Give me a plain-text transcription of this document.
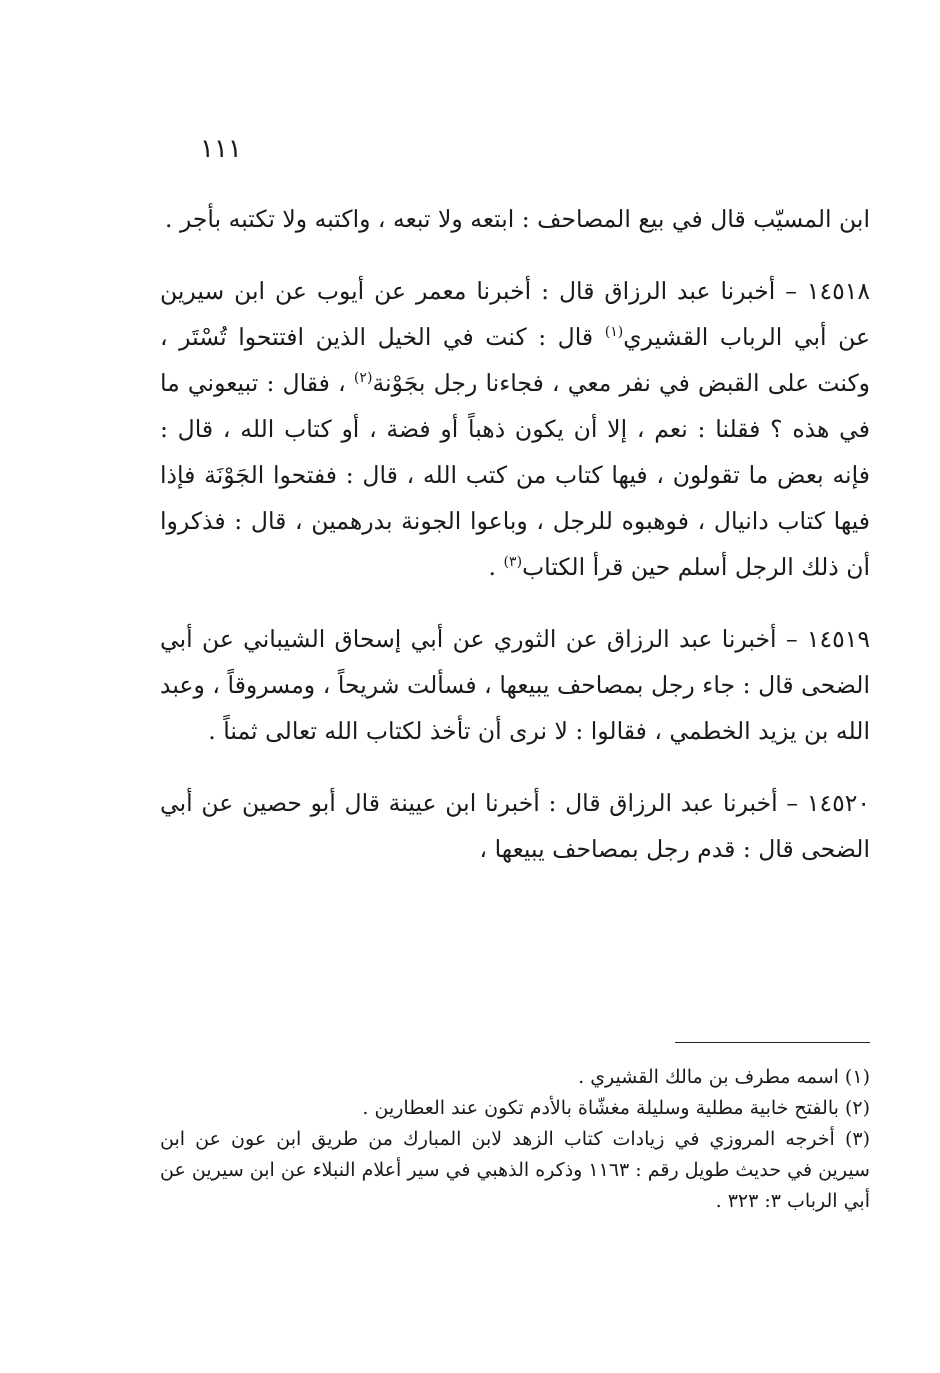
١١١

ابن المسيّب قال في بيع المصاحف : ابتعه ولا تبعه ، واكتبه ولا تكتبه بأجر .

١٤٥١٨ – أخبرنا عبد الرزاق قال : أخبرنا معمر عن أيوب عن ابن سيرين عن أبي الرباب القشيري$^{(١)}$ قال : كنت في الخيل الذين افتتحوا تُسْتَر ، وكنت على القبض في نفر معي ، فجاءنا رجل بجَوْنة$^{(٢)}$ ، فقال : تبيعوني ما في هذه ؟ فقلنا : نعم ، إلا أن يكون ذهباً أو فضة ، أو كتاب الله ، قال : فإنه بعض ما تقولون ، فيها كتاب من كتب الله ، قال : ففتحوا الجَوْنَة فإذا فيها كتاب دانيال ، فوهبوه للرجل ، وباعوا الجونة بدرهمين ، قال : فذكروا أن ذلك الرجل أسلم حين قرأ الكتاب$^{(٣)}$ .

١٤٥١٩ – أخبرنا عبد الرزاق عن الثوري عن أبي إسحاق الشيباني عن أبي الضحى قال : جاء رجل بمصاحف يبيعها ، فسألت شريحاً ، ومسروقاً ، وعبد الله بن يزيد الخطمي ، فقالوا : لا نرى أن تأخذ لكتاب الله تعالى ثمناً .

١٤٥٢٠ – أخبرنا عبد الرزاق قال : أخبرنا ابن عيينة قال أبو حصين عن أبي الضحى قال : قدم رجل بمصاحف يبيعها ،

(١) اسمه مطرف بن مالك القشيري .

(٢) بالفتح خابية مطلية وسليلة مغشّاة بالأدم تكون عند العطارين .

(٣) أخرجه المروزي في زيادات كتاب الزهد لابن المبارك من طريق ابن عون عن ابن سيرين في حديث طويل رقم : ١١٦٣ وذكره الذهبي في سير أعلام النبلاء عن ابن سيرين عن أبي الرباب ٣: ٣٢٣ .
